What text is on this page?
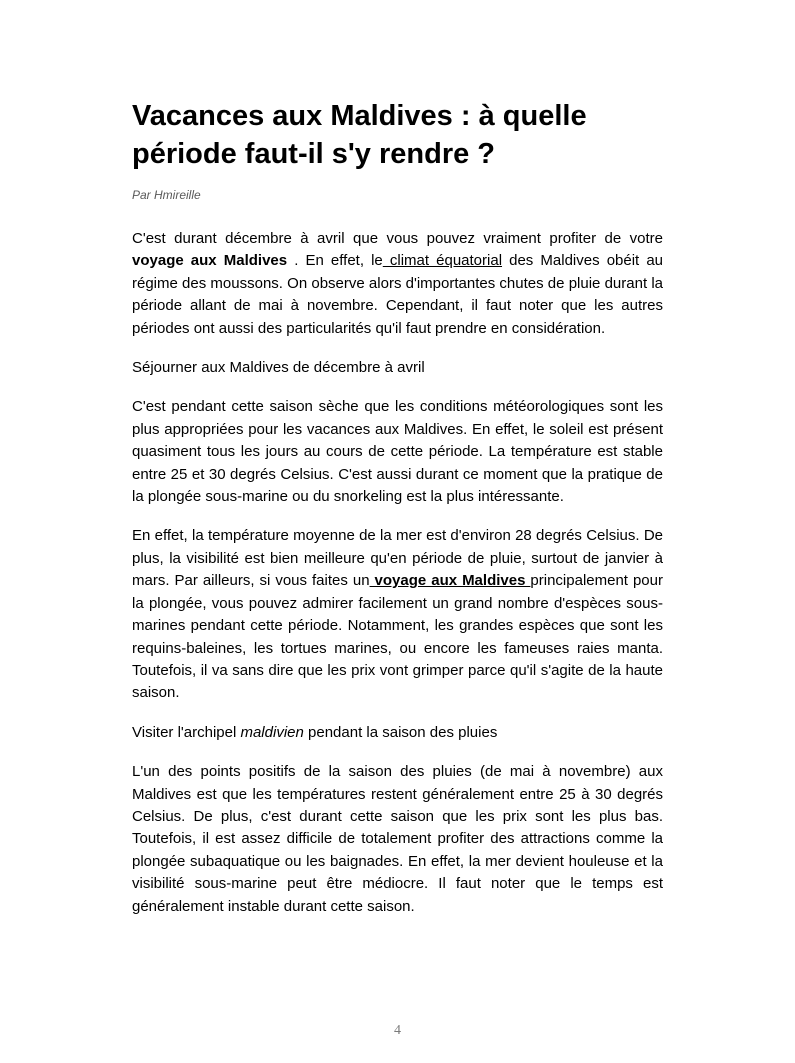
Vacances aux Maldives : à quelle période faut-il s'y rendre ?

Par Hmireille

C'est durant décembre à avril que vous pouvez vraiment profiter de votre voyage aux Maldives . En effet, le climat équatorial des Maldives obéit au régime des moussons. On observe alors d'importantes chutes de pluie durant la période allant de mai à novembre. Cependant, il faut noter que les autres périodes ont aussi des particularités qu'il faut prendre en considération.

Séjourner aux Maldives de décembre à avril

C'est pendant cette saison sèche que les conditions météorologiques sont les plus appropriées pour les vacances aux Maldives. En effet, le soleil est présent quasiment tous les jours au cours de cette période. La température est stable entre 25 et 30 degrés Celsius. C'est aussi durant ce moment que la pratique de la plongée sous-marine ou du snorkeling est la plus intéressante.

En effet, la température moyenne de la mer est d'environ 28 degrés Celsius. De plus, la visibilité est bien meilleure qu'en période de pluie, surtout de janvier à mars. Par ailleurs, si vous faites un voyage aux Maldives principalement pour la plongée, vous pouvez admirer facilement un grand nombre d'espèces sous-marines pendant cette période. Notamment, les grandes espèces que sont les requins-baleines, les tortues marines, ou encore les fameuses raies manta. Toutefois, il va sans dire que les prix vont grimper parce qu'il s'agite de la haute saison.

Visiter l'archipel maldivien pendant la saison des pluies

L'un des points positifs de la saison des pluies (de mai à novembre) aux Maldives est que les températures restent généralement entre 25 à 30 degrés Celsius. De plus, c'est durant cette saison que les prix sont les plus bas. Toutefois, il est assez difficile de totalement profiter des attractions comme la plongée subaquatique ou les baignades. En effet, la mer devient houleuse et la visibilité sous-marine peut être médiocre. Il faut noter que le temps est généralement instable durant cette saison.

4
